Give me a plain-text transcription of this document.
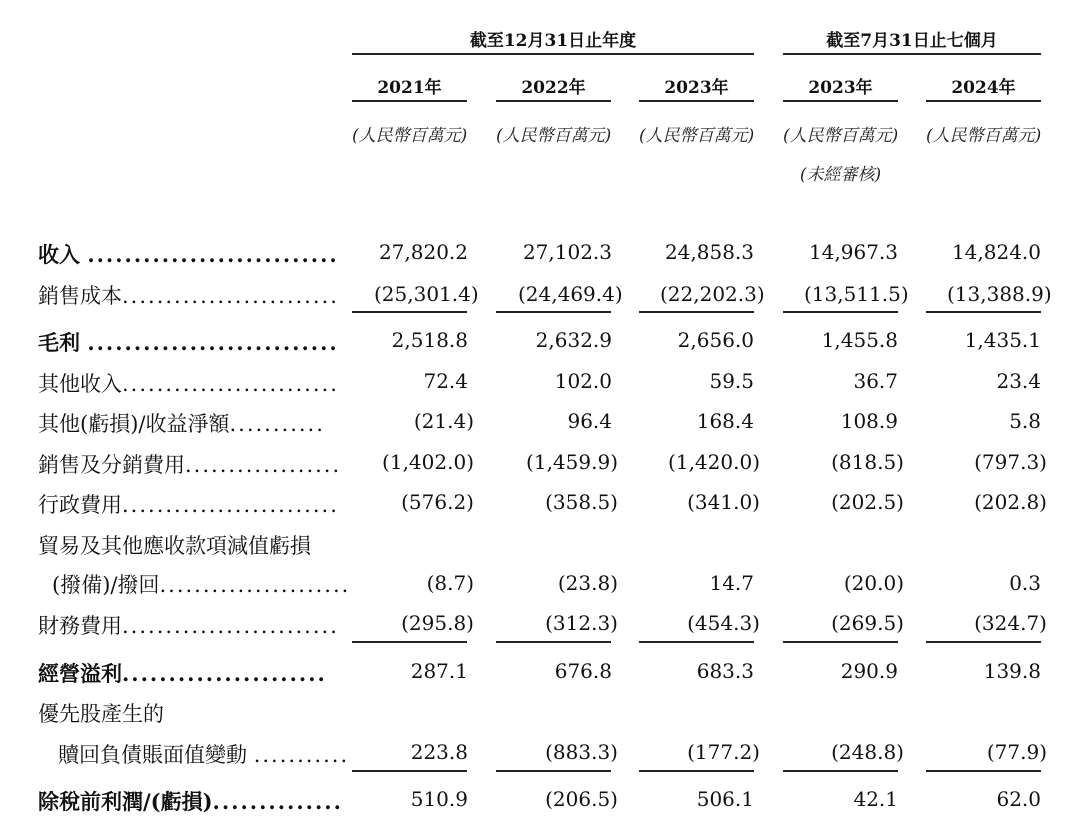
截至12月31日止年度	截至7月31日止七個月
2021年	2022年	2023年	2023年	2024年
(人民幣百萬元) (人民幣百萬元) (人民幣百萬元) (人民幣百萬元) (人民幣百萬元)
(未經審核)
收入 ........................... 27,820.2	27,102.3	24,858.3	14,967.3	14,824.0
銷售成本......................... (25,301.4) (24,469.4) (22,202.3) (13,511.5) (13,388.9)
毛利 ...........................	2,518.8	2,632.9	2,656.0	1,455.8	1,435.1
其他收入.........................	72.4	102.0	59.5	36.7	23.4
其他(虧損)/收益淨額...........	(21.4)	96.4	168.4	108.9	5.8
銷售及分銷費用..................	(1,402.0)	(1,459.9)	(1,420.0)	(818.5)	(797.3)
行政費用.........................	(576.2)	(358.5)	(341.0)	(202.5)	(202.8)
貿易及其他應收款項減值虧損
(撥備)/撥回......................	(8.7)	(23.8)	14.7	(20.0)	0.3
財務費用.........................	(295.8)	(312.3)	(454.3)	(269.5)	(324.7)
經營溢利......................	287.1	676.8	683.3	290.9	139.8
優先股產生的
贖回負債賬面值變動 ...........	223.8	(883.3)	(177.2)	(248.8)	(77.9)
除稅前利潤/(虧損)..............	510.9	(206.5)	506.1	42.1	62.0
